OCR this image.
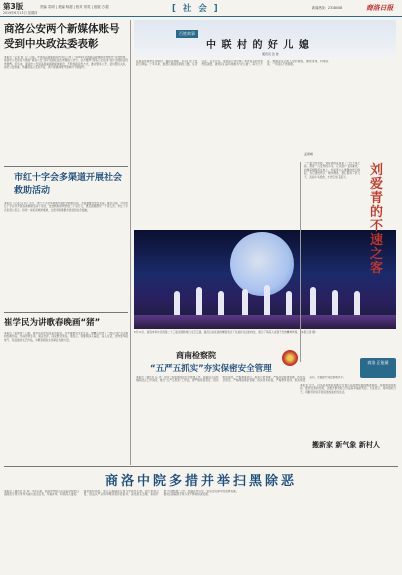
第3版
2019年6月13日 星期四
责编 袁明 | 美编 杨超 | 校对 常英 | 组版 方超	[ 社 会 ]	新闻热线：2318008	商洛日报
商洛公安两个新媒体账号受到中央政法委表彰
本报讯（记者 刘 飞）日前，中央政法委新闻宣传中心公布了“2019年全国政法新媒体优秀账号”评选结果，商洛市公安局官方微信“商洛公安”获评全国政法优秀微信公众号，官方微博“商洛公安在线”获评全国政法优秀微博。近年来，商洛市公安局高度重视新媒体建设，不断创新宣传方式，推动警务公开，密切警民关系，讲好公安故事，传播商洛公安好声音，两个新媒体账号影响力不断提升。
市红十字会多渠道开展社会救助活动
本报讯（记者 闫 钊）近日，市红十字会多渠道开展社会救助活动，为困难群众送去关爱。截至目前，今年市红十字会共开展各类救助活动十余次，发放救助款物价值二十余万元，惠及困难群众一千余人次。市红十字会负责人表示，将进一步拓宽救助渠道，让更多困难群众感受到社会温暖。
崔学民为讲歌春晚画“猪”
本报讯（张国青）日前，崔学民同志接受采访时说，为丰富群众文化生活，他精心创作了一批以“猪”为主题的绘画作品，作品形象生动，寓意吉祥，深受群众喜爱。他表示，将继续深入基层、深入生活，创作更多接地气、有温度的文艺作品，为繁荣商洛文化事业贡献力量。
百姓故事
中 联 村 的 好 儿 媳
通讯员 张 桂
在商洛市商州区中联村，提起李秀梅，乡亲们无不竖起大拇指。十多年来，她悉心照顾患病的公婆，任劳任怨，从无怨言，用实际行动诠释了孝老爱亲的中华传统美德，被村民们亲切地称为“好儿媳”。每天天不亮，她就起床为老人熬药做饭，擦洗身体，料理家务，一年到头不曾停歇。
6月12日，商洛市举办庆祝第二十三届全国助残日文艺汇演，演员们以优美的舞姿表达了对美好生活的向往，展示了残疾人自强不息的精神风貌。（本报记者 摄）
一个夏天的早晨，刘爱青的家里来了一位不速之客。那是一只受伤的小鸟，它从窗户飞进屋内，扑腾着翅膀落在地上。刘爱青小心翼翼地把它捧起，为它清洗伤口，喂水喂食，悉心照料了好几天，直到小鸟痊愈，才把它放飞蓝天。	刘爱青的不速之客
孟建峰
商洛 正能量
商南检察院
“五严五抓实”夯实保密安全管理
本报讯（通讯员 汪 洋）为进一步加强保密安全管理工作，商南县人民检察院结合工作实际，推行“五严五抓实”工作法，即严格保密责任、抓实组织领导，严格制度执行、抓实日常管理，严格涉密载体管理、抓实安全防范，严格网络保密管理、抓实技术检查，严格教育培训、抓实保密意识，全面提升保密管理水平。
本报讯 近日，丹凤县易地扶贫搬迁安置小区的群众陆续搬进新居。宽敞明亮的新房、配套完善的设施，让搬迁群众脸上洋溢着幸福的笑容。大家表示，将珍惜好日子，用勤劳的双手创造更加美好的生活。
搬新家 新气象 新村人
商洛中院多措并举扫黑除恶
本报讯（通讯员 张 莉）今年以来，商洛市中级人民法院坚持把扫黑除恶专项斗争作为重大政治任务，多措并举，持续深入推进。强化组织领导，成立扫黑除恶专项斗争领导小组；加大审判力度，依法从严从快审理涉黑涉恶案件；深化源头治理，积极开展“打财断血”工作；加强宣传引导，营造全民参与的浓厚氛围，推动扫黑除恶专项斗争不断向纵深发展。
